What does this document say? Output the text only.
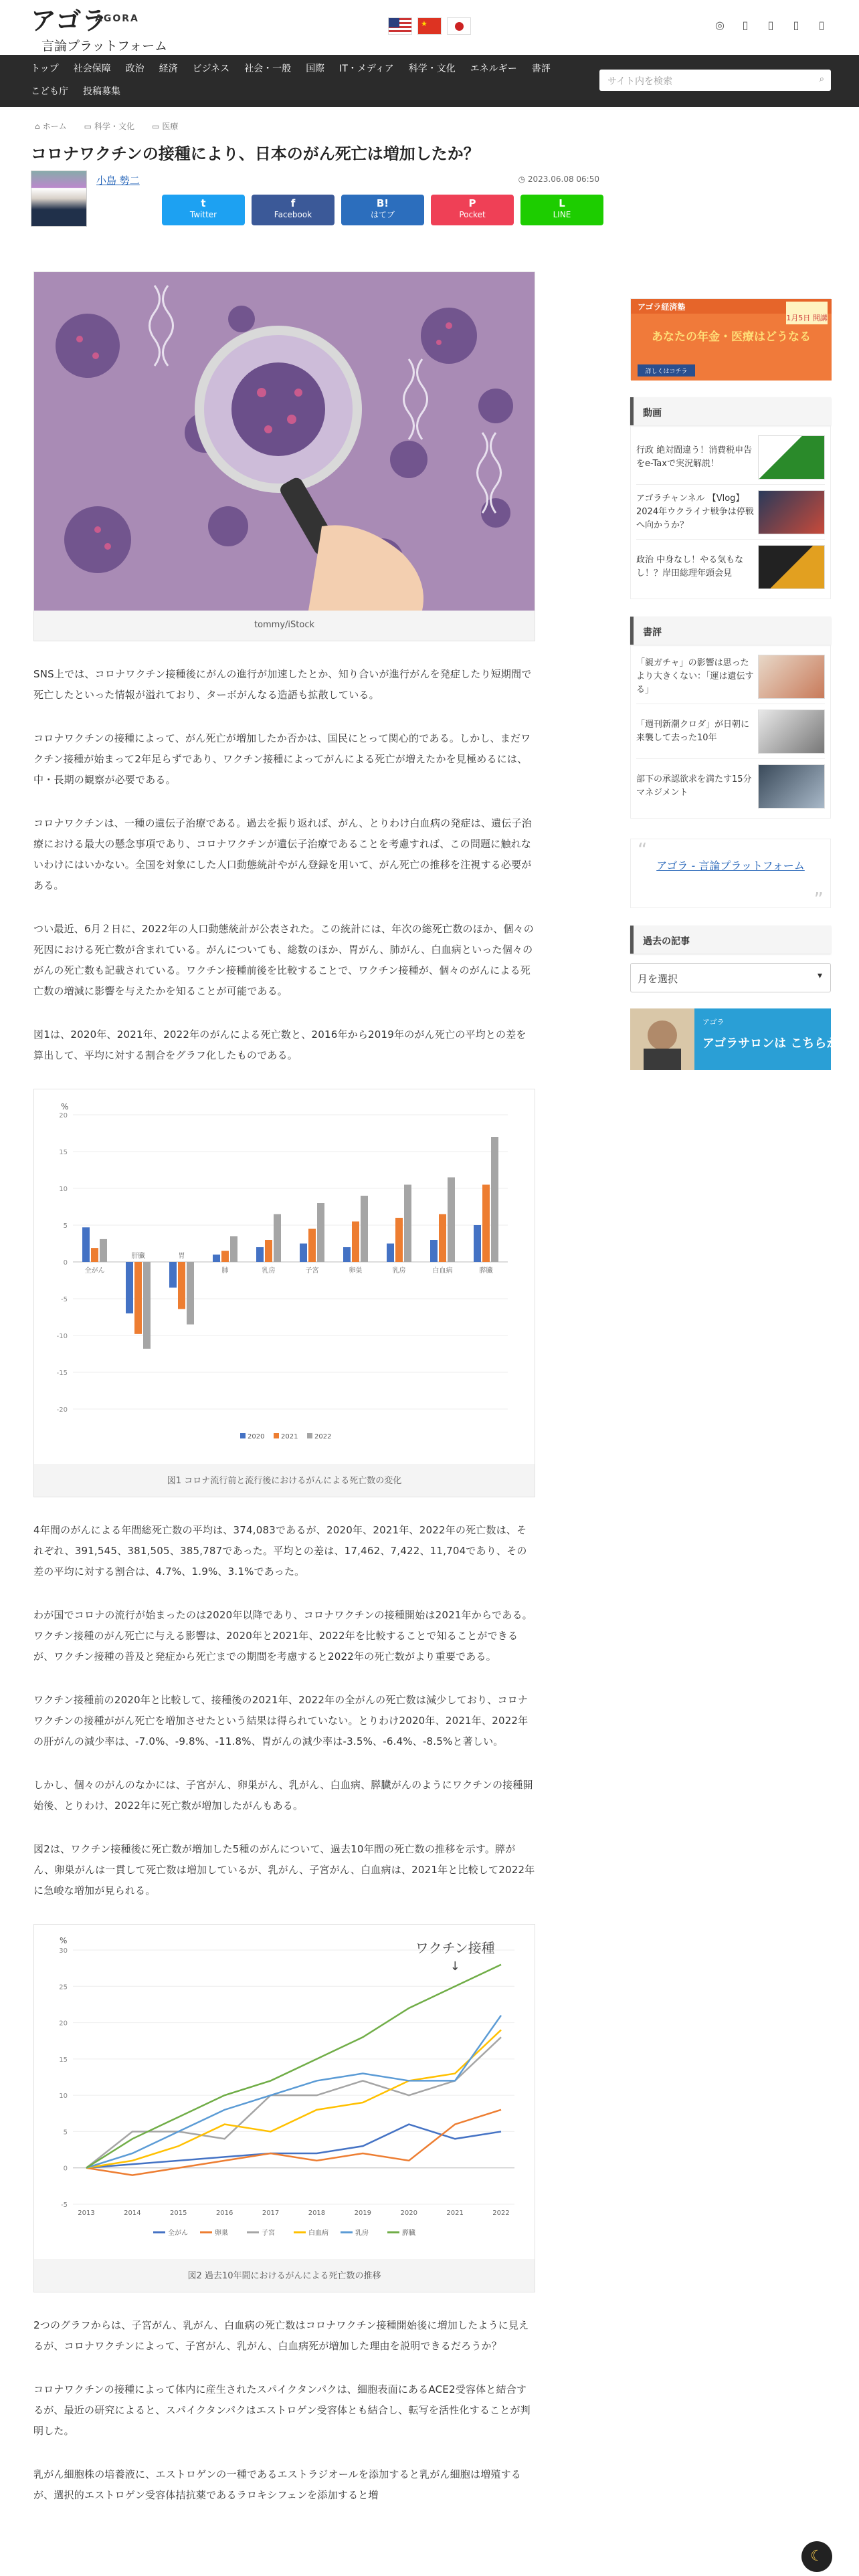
アゴラ
AGORA
言論プラットフォーム
★
◎	▯	▯	▯	▯
トップ 社会保障 政治 経済 ビジネス 社会・一般 国際 IT・メディア 科学・文化 エネルギー 書評
こども庁 投稿募集
サイト内を検索	⌕
⌂ ホーム ▭ 科学・文化 ▭ 医療
コロナワクチンの接種により、日本のがん死亡は増加したか？
小島 勢二	◷ 2023.06.08 06:50
t
Twitter
f
Facebook
B!
はてブ
P
Pocket
L
LINE
tommy/iStock

SNS上では、コロナワクチン接種後にがんの進行が加速したとか、知り合いが進行がんを発症したり短期間で死亡したといった情報が溢れており、ターボがんなる造語も拡散している。

コロナワクチンの接種によって、がん死亡が増加したか否かは、国民にとって関心的である。しかし、まだワクチン接種が始まって2年足らずであり、ワクチン接種によってがんによる死亡が増えたかを見極めるには、中・長期の観察が必要である。

コロナワクチンは、一種の遺伝子治療である。過去を振り返れば、がん、とりわけ白血病の発症は、遺伝子治療における最大の懸念事項であり、コロナワクチンが遺伝子治療であることを考慮すれば、この問題に触れないわけにはいかない。全国を対象にした人口動態統計やがん登録を用いて、がん死亡の推移を注視する必要がある。

つい最近、6月２日に、2022年の人口動態統計が公表された。この統計には、年次の総死亡数のほか、個々の死因における死亡数が含まれている。がんについても、総数のほか、胃がん、肺がん、白血病といった個々のがんの死亡数も記載されている。ワクチン接種前後を比較することで、ワクチン接種が、個々のがんによる死亡数の増減に影響を与えたかを知ることが可能である。

図1は、2020年、2021年、2022年のがんによる死亡数と、2016年から2019年のがん死亡の平均との差を算出して、平均に対する割合をグラフ化したものである。

%
-20
-15
-10
-5
0
5
10
15
20
全がん
肝臓	胃
肺	乳房	子宮	卵巣	乳房	白血病	膵臓
2020 2021 2022
図1 コロナ流行前と流行後におけるがんによる死亡数の変化

4年間のがんによる年間総死亡数の平均は、374,083であるが、2020年、2021年、2022年の死亡数は、それぞれ、391,545、381,505、385,787であった。平均との差は、17,462、7,422、11,704であり、その差の平均に対する割合は、4.7%、1.9%、3.1%であった。

わが国でコロナの流行が始まったのは2020年以降であり、コロナワクチンの接種開始は2021年からである。ワクチン接種のがん死亡に与える影響は、2020年と2021年、2022年を比較することで知ることができるが、ワクチン接種の普及と発症から死亡までの期間を考慮すると2022年の死亡数がより重要である。

ワクチン接種前の2020年と比較して、接種後の2021年、2022年の全がんの死亡数は減少しており、コロナワクチンの接種ががん死亡を増加させたという結果は得られていない。とりわけ2020年、2021年、2022年の肝がんの減少率は、-7.0%、-9.8%、-11.8%、胃がんの減少率は-3.5%、-6.4%、-8.5%と著しい。

しかし、個々のがんのなかには、子宮がん、卵巣がん、乳がん、白血病、膵臓がんのようにワクチンの接種開始後、とりわけ、2022年に死亡数が増加したがんもある。

図2は、ワクチン接種後に死亡数が増加した5種のがんについて、過去10年間の死亡数の推移を示す。膵がん、卵巣がんは一貫して死亡数は増加しているが、乳がん、子宮がん、白血病は、2021年と比較して2022年に急峻な増加が見られる。

%
-5
0
5
10
15
20
25
30
2013	2014	2015	2016	2017	2018	2019	2020	2021	2022
ワクチン接種
↓
全がん	卵巣	子宮	白血病	乳房	膵臓
図2 過去10年間におけるがんによる死亡数の推移

2つのグラフからは、子宮がん、乳がん、白血病の死亡数はコロナワクチン接種開始後に増加したように見えるが、コロナワクチンによって、子宮がん、乳がん、白血病死が増加した理由を説明できるだろうか？

コロナワクチンの接種によって体内に産生されたスパイクタンパクは、細胞表面にあるACE2受容体と結合するが、最近の研究によると、スパイクタンパクはエストロゲン受容体とも結合し、転写を活性化することが判明した。

乳がん細胞株の培養液に、エストロゲンの一種であるエストラジオールを添加すると乳がん細胞は増殖するが、選択的エストロゲン受容体拮抗薬であるラロキシフェンを添加すると増

アゴラ経済塾
1月5日 開講
あなたの年金・医療はどうなる
詳しくはコチラ
動画
行政 絶対間違う！消費税申告をe-Taxで実況解説！
アゴラチャンネル 【Vlog】2024年ウクライナ戦争は停戦へ向かうか？
政治 中身なし！やる気もなし！？岸田総理年頭会見
書評
「親ガチャ」の影響は思ったより大きくない：「運は遺伝する」
「週刊新潮クロダ」が日朝に来襲して去った10年
部下の承認欲求を満たす15分マネジメント
“
アゴラ - 言論プラットフォーム
”
過去の記事
月を選択	▾
アゴラ
アゴラサロンは こちらから
☾
